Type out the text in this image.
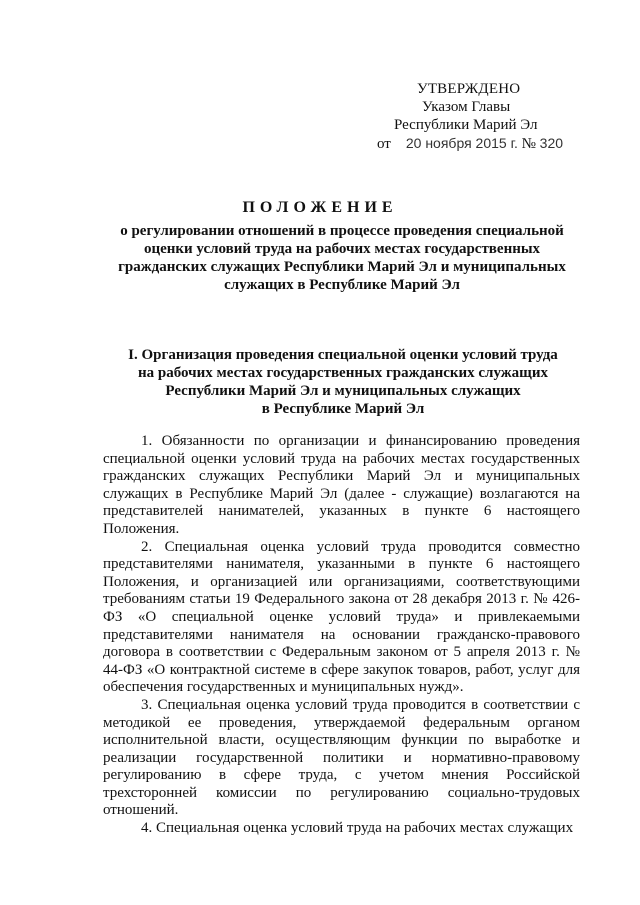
УТВЕРЖДЕНО
Указом Главы
Республики Марий Эл
от 20 ноября 2015 г. № 320
ПОЛОЖЕНИЕ
о регулировании отношений в процессе проведения специальной
оценки условий труда на рабочих местах государственных
гражданских служащих Республики Марий Эл и муниципальных
служащих в Республике Марий Эл
I. Организация проведения специальной оценки условий труда
на рабочих местах государственных гражданских служащих
Республики Марий Эл и муниципальных служащих
в Республике Марий Эл

1. Обязанности по организации и финансированию проведения специальной оценки условий труда на рабочих местах государственных гражданских служащих Республики Марий Эл и муниципальных служащих в Республике Марий Эл (далее - служащие) возлагаются на представителей нанимателей, указанных в пункте 6 настоящего Положения.

2. Специальная оценка условий труда проводится совместно представителями нанимателя, указанными в пункте 6 настоящего Положения, и организацией или организациями, соответствующими требованиям статьи 19 Федерального закона от 28 декабря 2013 г. № 426-ФЗ «О специальной оценке условий труда» и привлекаемыми представителями нанимателя на основании гражданско-правового договора в соответствии с Федеральным законом от 5 апреля 2013 г. № 44-ФЗ «О контрактной системе в сфере закупок товаров, работ, услуг для обеспечения государственных и муниципальных нужд».

3. Специальная оценка условий труда проводится в соответствии с методикой ее проведения, утверждаемой федеральным органом исполнительной власти, осуществляющим функции по выработке и реализации государственной политики и нормативно-правовому регулированию в сфере труда, с учетом мнения Российской трехсторонней комиссии по регулированию социально-трудовых отношений.

4. Специальная оценка условий труда на рабочих местах служащих
